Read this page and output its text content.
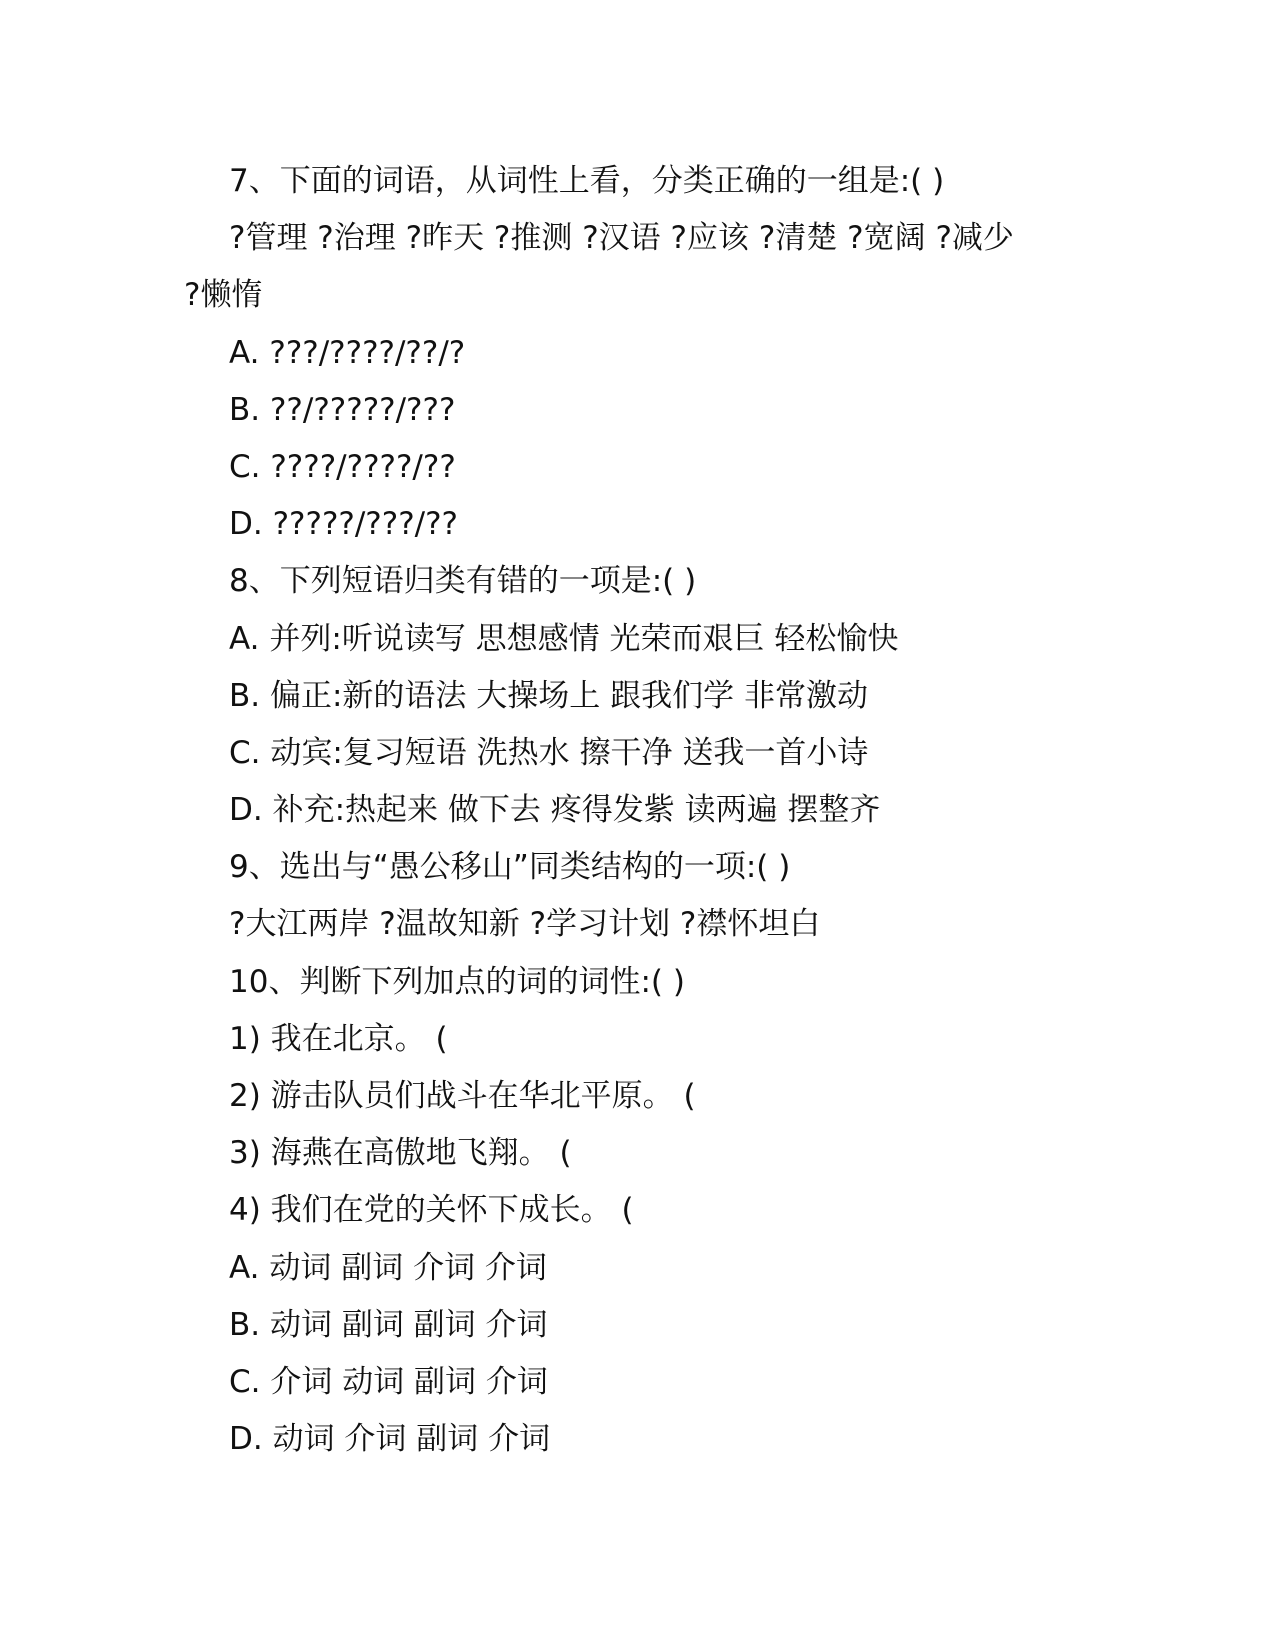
7、下面的词语，从词性上看，分类正确的一组是:( )

?管理 ?治理 ?昨天 ?推测 ?汉语 ?应该 ?清楚 ?宽阔 ?减少

?懒惰

A. ???/????/??/?

B. ??/?????/???

C. ????/????/??

D. ?????/???/??

8、下列短语归类有错的一项是:( )

A. 并列:听说读写 思想感情 光荣而艰巨 轻松愉快

B. 偏正:新的语法 大操场上 跟我们学 非常激动

C. 动宾:复习短语 洗热水 擦干净 送我一首小诗

D. 补充:热起来 做下去 疼得发紫 读两遍 摆整齐

9、选出与“愚公移山”同类结构的一项:( )

?大江两岸 ?温故知新 ?学习计划 ?襟怀坦白

10、判断下列加点的词的词性:( )

1) 我在北京。 (

2) 游击队员们战斗在华北平原。 (

3) 海燕在高傲地飞翔。 (

4) 我们在党的关怀下成长。 (

A. 动词 副词 介词 介词

B. 动词 副词 副词 介词

C. 介词 动词 副词 介词

D. 动词 介词 副词 介词
